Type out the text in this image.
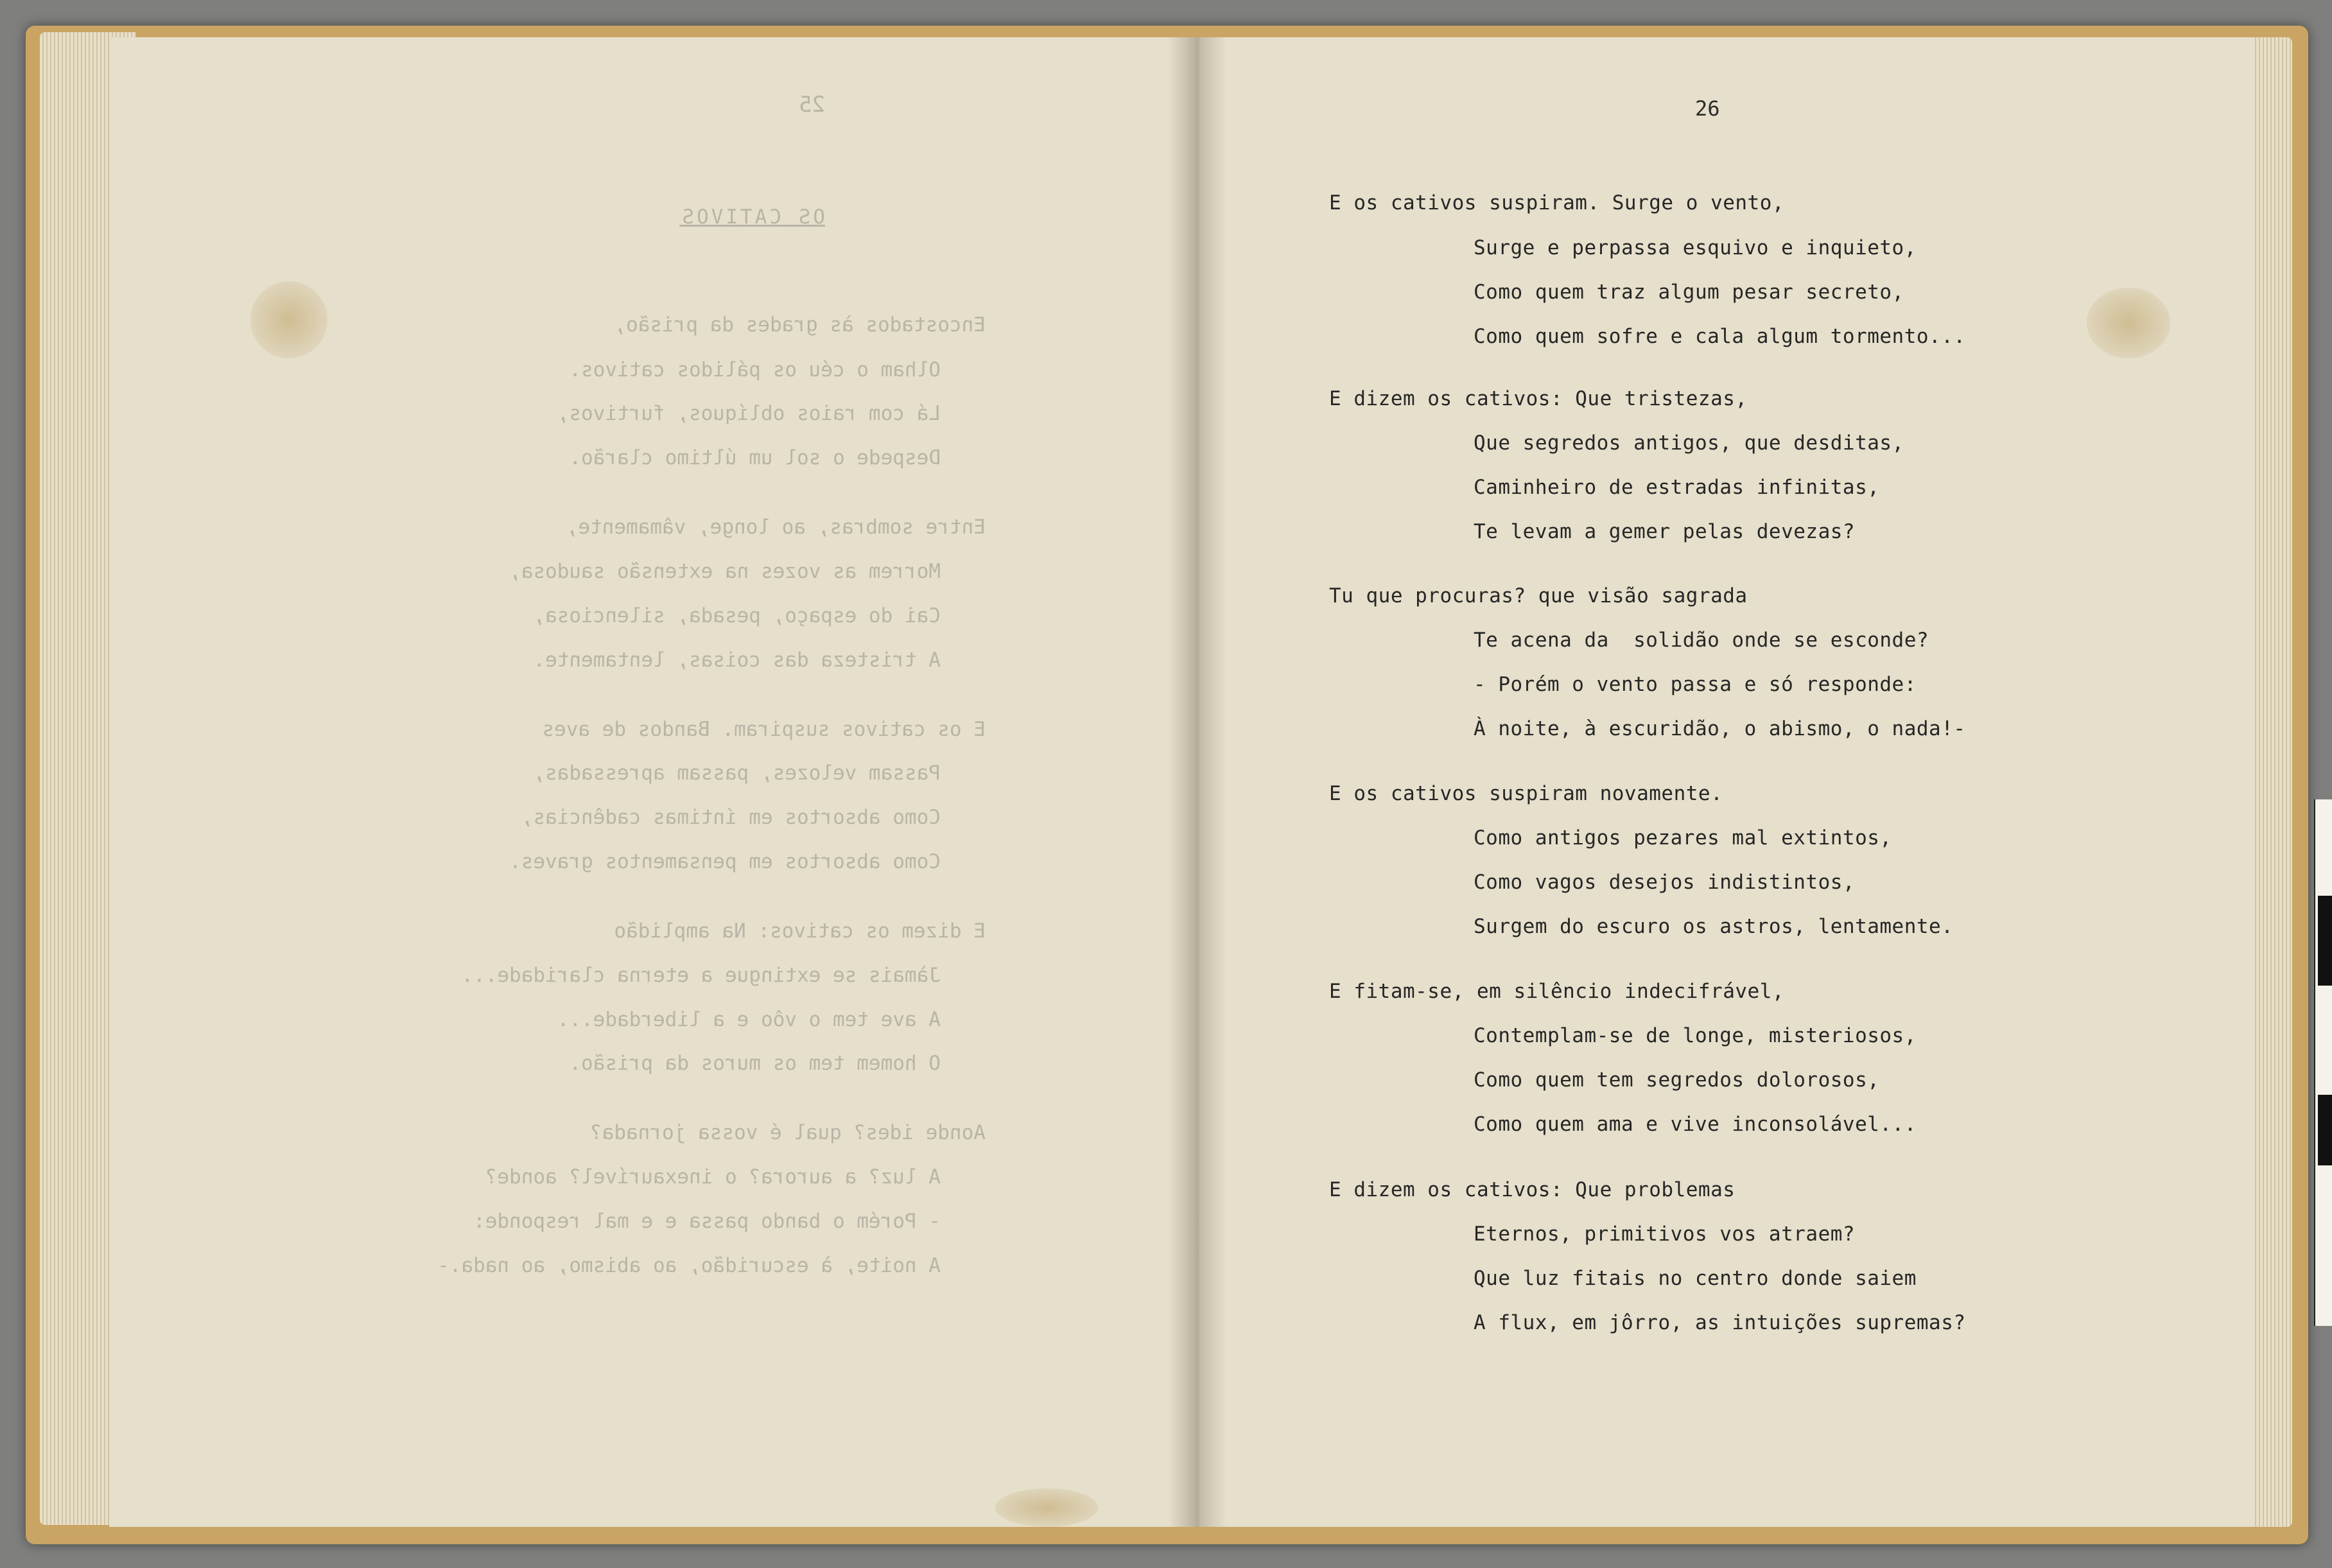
25
OS CATIVOS
Encostados às grades da prisão,
Olham o céu os pálidos cativos.
Lá com raios oblíquos, furtivos,
Despede o sol um último clarão.
Entre sombras, ao longe, vâmamente,
Morrem as vozes na extensão saudosa,
Cai do espaço, pesada, silenciosa,
A tristeza das coisas, lentamente.
E os cativos suspiram. Bandos de aves
Passam velozes, passam apressadas,
Como absortos em íntimas cadências,
Como absortos em pensamentos graves.
E dizem os cativos: Na amplidão
Jàmais se extingue a eterna claridade...
A ave tem o vôo e a liberdade...
O homem tem os muros da prisão.
Aonde ides? qual é vossa jornada?
A luz? a aurora? o inexaurível? aonde?
- Porém o bando passa e e mal responde:
A noite, à escuridão, ao abismo, ao nada.-
26
E os cativos suspiram. Surge o vento,
Surge e perpassa esquivo e inquieto,
Como quem traz algum pesar secreto,
Como quem sofre e cala algum tormento...
E dizem os cativos: Que tristezas,
Que segredos antigos, que desditas,
Caminheiro de estradas infinitas,
Te levam a gemer pelas devezas?
Tu que procuras? que visão sagrada
Te acena da  solidão onde se esconde?
- Porém o vento passa e só responde:
À noite, à escuridão, o abismo, o nada!-
E os cativos suspiram novamente.
Como antigos pezares mal extintos,
Como vagos desejos indistintos,
Surgem do escuro os astros, lentamente.
E fitam-se, em silêncio indecifrável,
Contemplam-se de longe, misteriosos,
Como quem tem segredos dolorosos,
Como quem ama e vive inconsolável...
E dizem os cativos: Que problemas
Eternos, primitivos vos atraem?
Que luz fitais no centro donde saiem
A flux, em jôrro, as intuições supremas?
